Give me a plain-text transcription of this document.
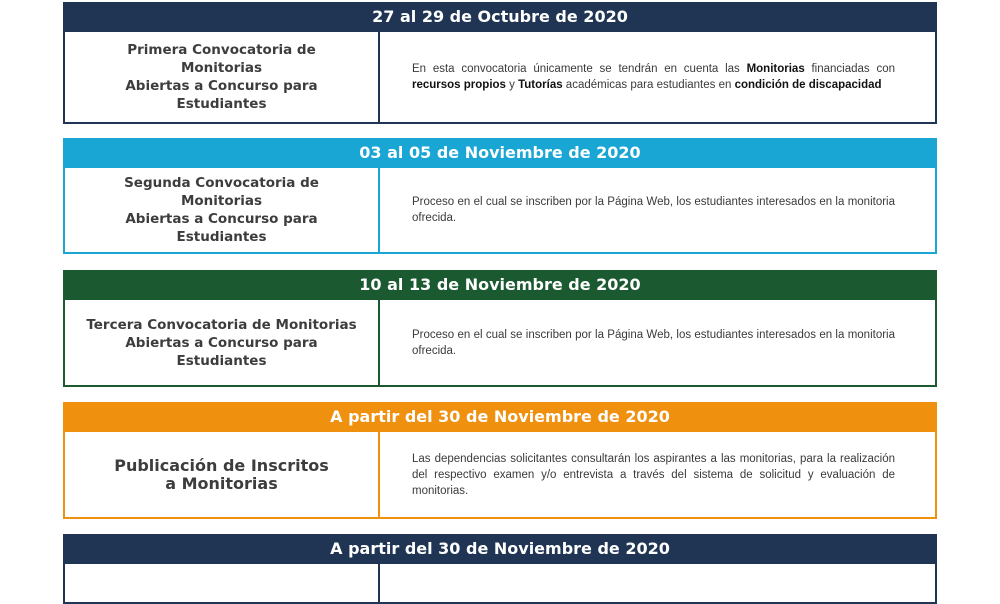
27 al 29 de Octubre de 2020
Primera Convocatoria de Monitorias
Abiertas a Concurso para Estudiantes
En esta convocatoria únicamente se tendrán en cuenta las Monitorias financiadas con recursos propios y Tutorías académicas para estudiantes en condición de discapacidad
03 al 05 de Noviembre de 2020
Segunda Convocatoria de Monitorias
Abiertas a Concurso para Estudiantes
Proceso en el cual se inscriben por la Página Web, los estudiantes interesados en la monitoria ofrecida.
10 al 13 de Noviembre de 2020
Tercera Convocatoria de Monitorias
Abiertas a Concurso para Estudiantes
Proceso en el cual se inscriben por la Página Web, los estudiantes interesados en la monitoria ofrecida.
A partir del 30 de Noviembre de 2020
Publicación de Inscritos
a Monitorias
Las dependencias solicitantes consultarán los aspirantes a las monitorias, para la realización del respectivo examen y/o entrevista a través del sistema de solicitud y evaluación de monitorias.
A partir del 30 de Noviembre de 2020
